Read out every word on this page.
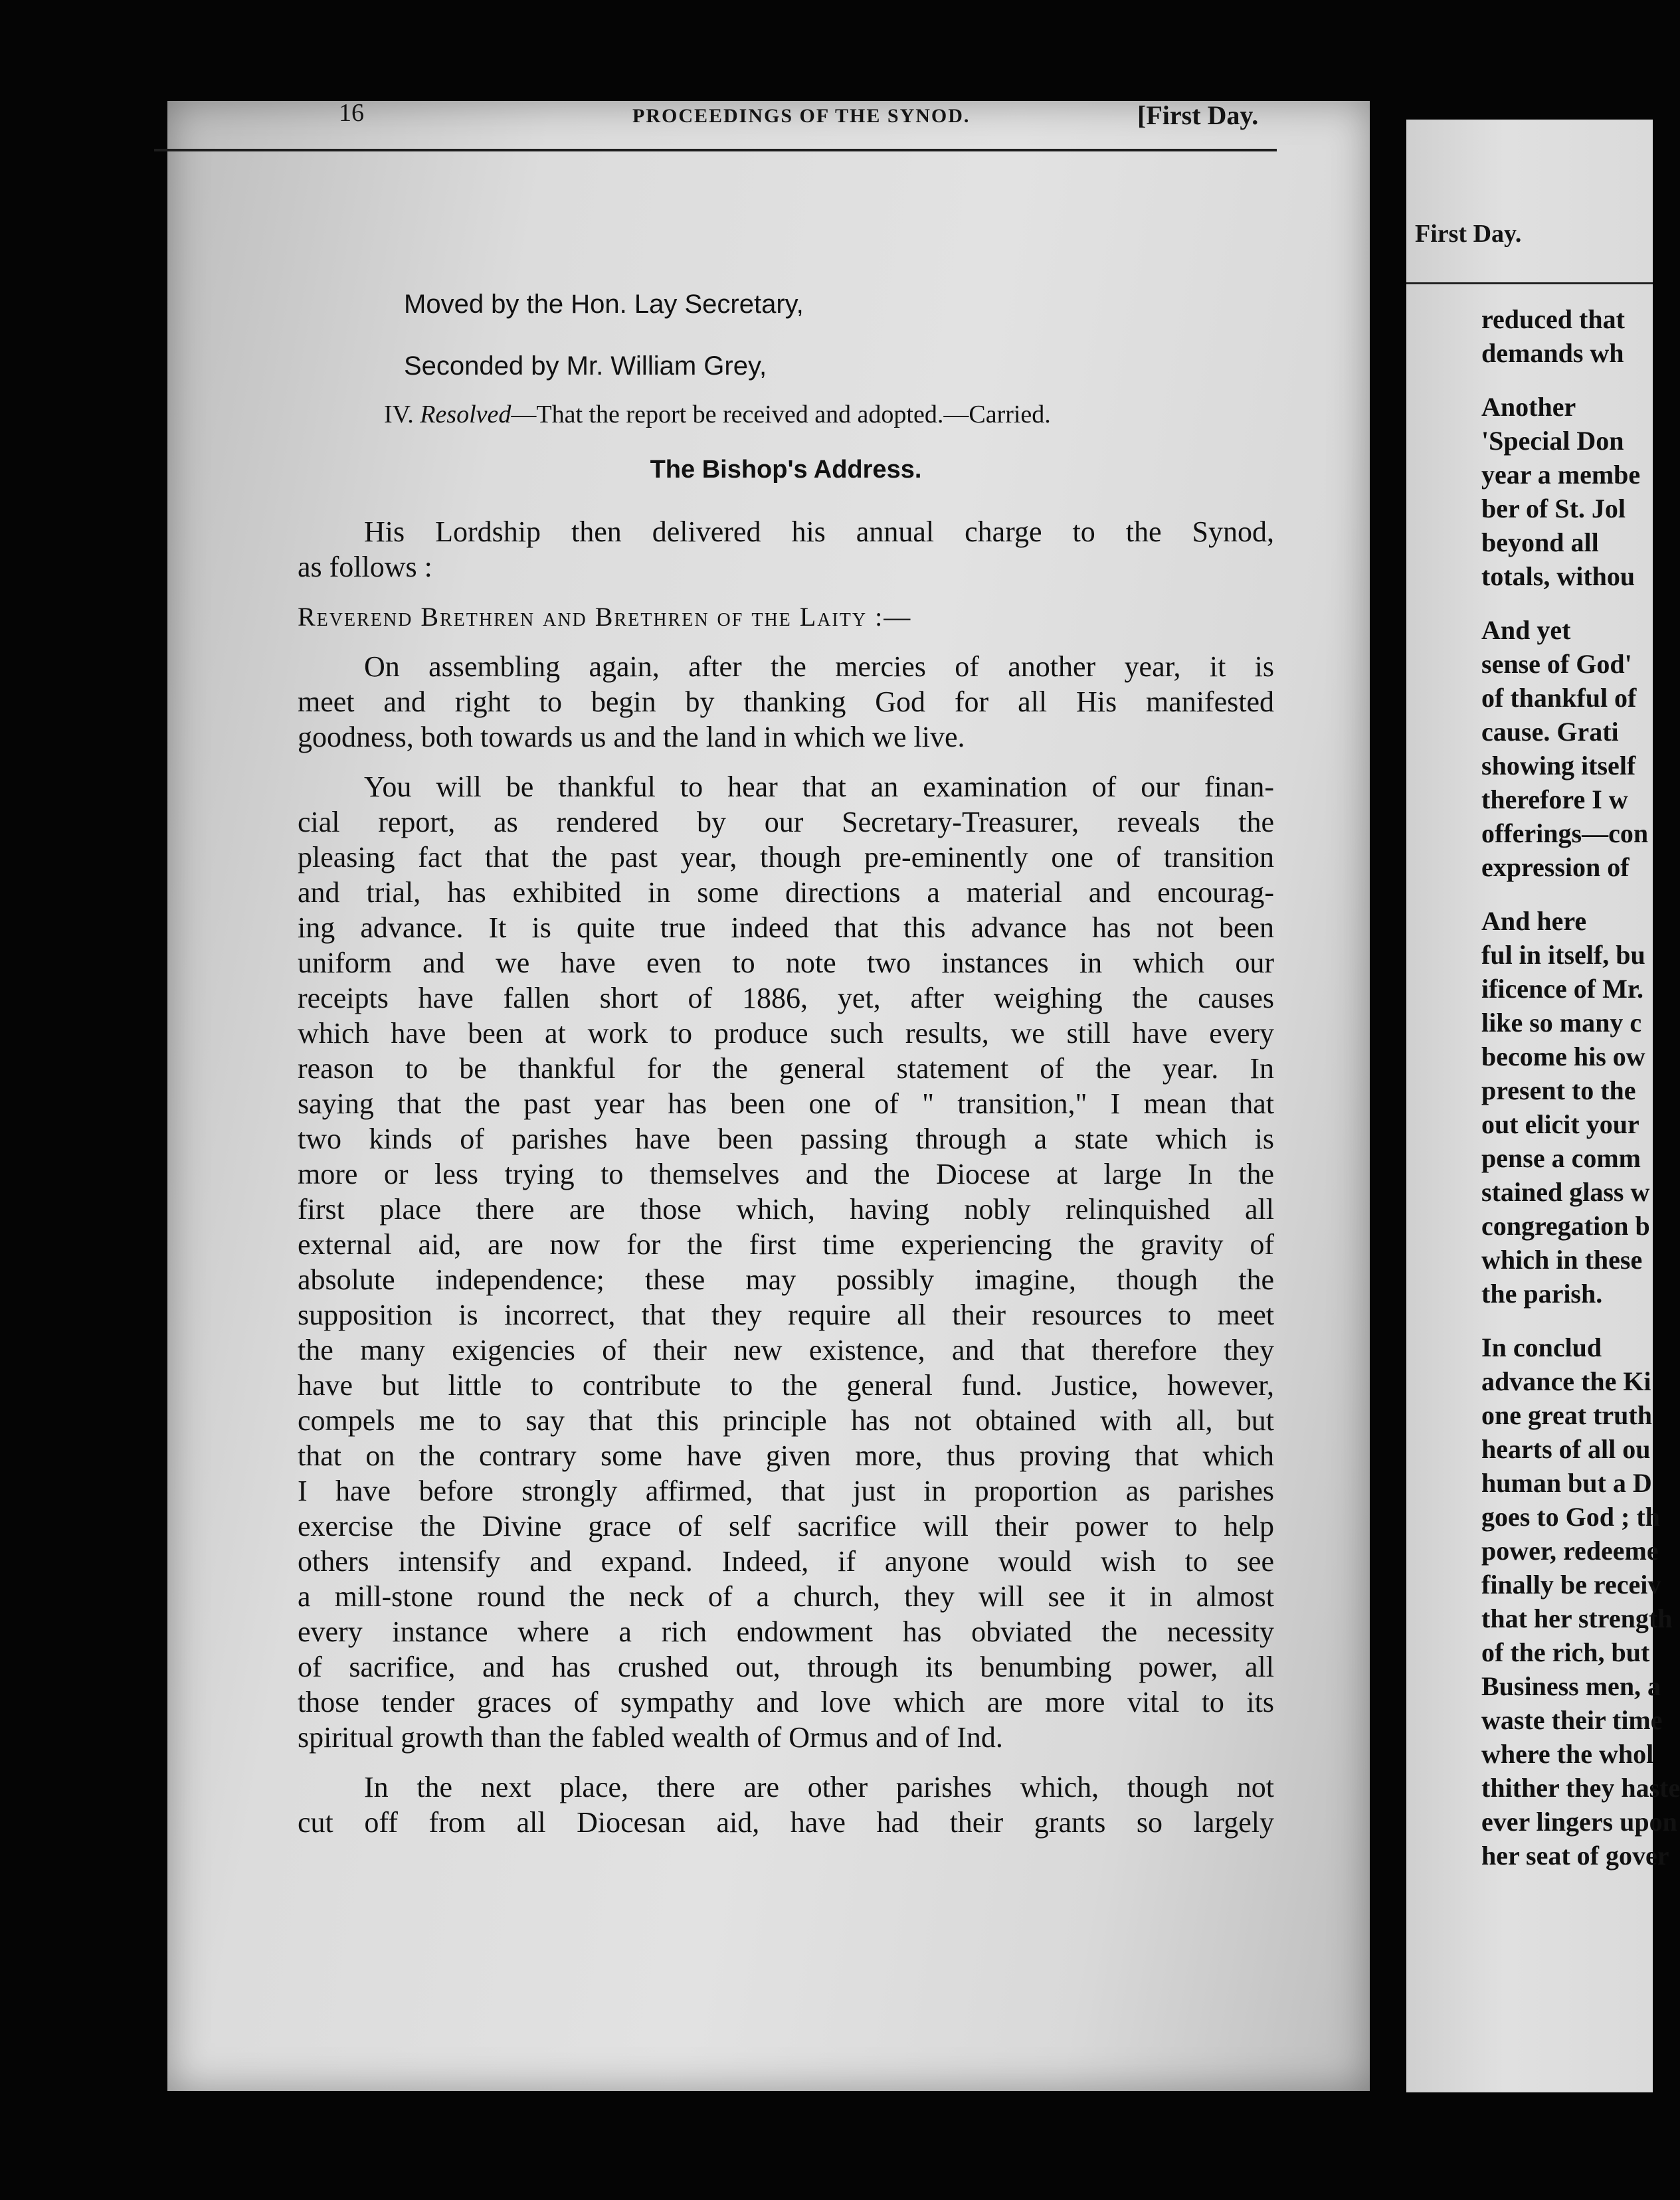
16	PROCEEDINGS OF THE SYNOD.	[First Day.
Moved by the Hon. Lay Secretary,
Seconded by Mr. William Grey,
IV. Resolved—That the report be received and adopted.—Carried.
The Bishop's Address.
His Lordship then delivered his annual charge to the Synod,
as follows :
Reverend Brethren and Brethren of the Laity :—
On assembling again, after the mercies of another year, it is
meet and right to begin by thanking God for all His manifested
goodness, both towards us and the land in which we live.
You will be thankful to hear that an examination of our finan-
cial report, as rendered by our Secretary-Treasurer, reveals the
pleasing fact that the past year, though pre-eminently one of transition
and trial, has exhibited in some directions a material and encourag-
ing advance. It is quite true indeed that this advance has not been
uniform and we have even to note two instances in which our
receipts have fallen short of 1886, yet, after weighing the causes
which have been at work to produce such results, we still have every
reason to be thankful for the general statement of the year. In
saying that the past year has been one of " transition," I mean that
two kinds of parishes have been passing through a state which is
more or less trying to themselves and the Diocese at large In the
first place there are those which, having nobly relinquished all
external aid, are now for the first time experiencing the gravity of
absolute independence; these may possibly imagine, though the
supposition is incorrect, that they require all their resources to meet
the many exigencies of their new existence, and that therefore they
have but little to contribute to the general fund. Justice, however,
compels me to say that this principle has not obtained with all, but
that on the contrary some have given more, thus proving that which
I have before strongly affirmed, that just in proportion as parishes
exercise the Divine grace of self sacrifice will their power to help
others intensify and expand. Indeed, if anyone would wish to see
a mill-stone round the neck of a church, they will see it in almost
every instance where a rich endowment has obviated the necessity
of sacrifice, and has crushed out, through its benumbing power, all
those tender graces of sympathy and love which are more vital to its
spiritual growth than the fabled wealth of Ormus and of Ind.
In the next place, there are other parishes which, though not
cut off from all Diocesan aid, have had their grants so largely
First Day.
reduced that
demands wh
Another
'Special Don
year a membe
ber of St. Jol
beyond all
totals, withou
And yet
sense of God'
of thankful of
cause. Grati
showing itself
therefore I w
offerings—con
expression of
And here
ful in itself, bu
ificence of Mr.
like so many c
become his ow
present to the
out elicit your
pense a comm
stained glass w
congregation b
which in these
the parish.
In conclud
advance the Ki
one great truth
hearts of all ou
human but a D
goes to God ; th
power, redeeme
finally be receiv
that her strength
of the rich, but
Business men, a
waste their time
where the whol
thither they haste
ever lingers upon
her seat of gover
